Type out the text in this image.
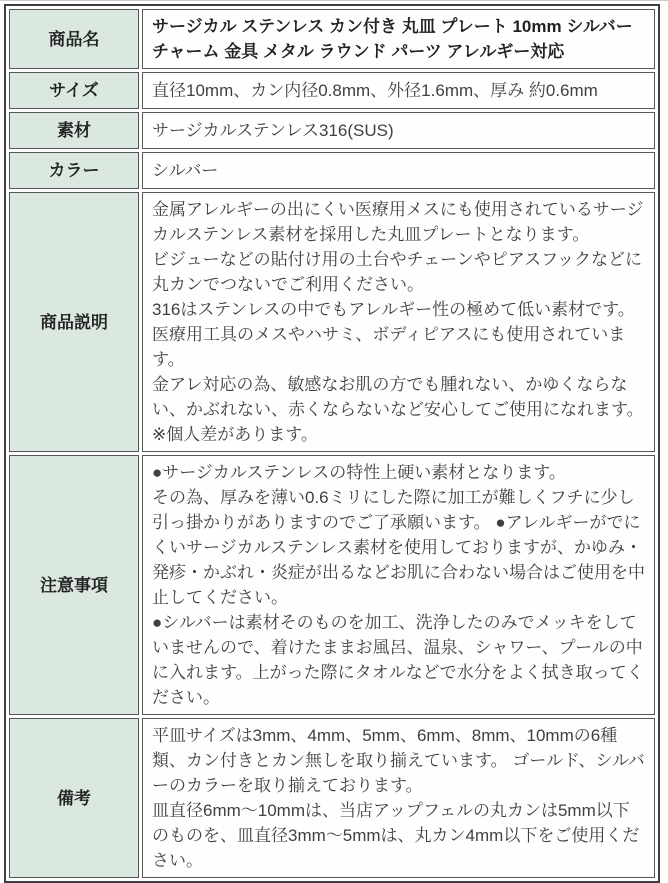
商品名	サージカル ステンレス カン付き 丸皿 プレート 10mm シルバー チャーム 金具 メタル ラウンド パーツ アレルギー対応
サイズ	直径10mm、カン内径0.8mm、外径1.6mm、厚み 約0.6mm
素材	サージカルステンレス316(SUS)
カラー	シルバー
商品説明	金属アレルギーの出にくい医療用メスにも使用されているサージカルステンレス素材を採用した丸皿プレートとなります。
ビジューなどの貼付け用の土台やチェーンやピアスフックなどに丸カンでつないでご利用ください。
316はステンレスの中でもアレルギー性の極めて低い素材です。医療用工具のメスやハサミ、ボディピアスにも使用されています。
金アレ対応の為、敏感なお肌の方でも腫れない、かゆくならない、かぶれない、赤くならないなど安心してご使用になれます。※個人差があります。

注意事項	●サージカルステンレスの特性上硬い素材となります。
その為、厚みを薄い0.6ミリにした際に加工が難しくフチに少し引っ掛かりがありますのでご了承願います。 ●アレルギーがでにくいサージカルステンレス素材を使用しておりますが、かゆみ・発疹・かぶれ・炎症が出るなどお肌に合わない場合はご使用を中止してください。
●シルバーは素材そのものを加工、洗浄したのみでメッキをしていませんので、着けたままお風呂、温泉、シャワー、プールの中に入れます。上がった際にタオルなどで水分をよく拭き取ってください。

備考	平皿サイズは3mm、4mm、5mm、6mm、8mm、10mmの6種類、カン付きとカン無しを取り揃えています。 ゴールド、シルバーのカラーを取り揃えております。
皿直径6mm～10mmは、当店アップフェルの丸カンは5mm以下のものを、皿直径3mm～5mmは、丸カン4mm以下をご使用ください。
